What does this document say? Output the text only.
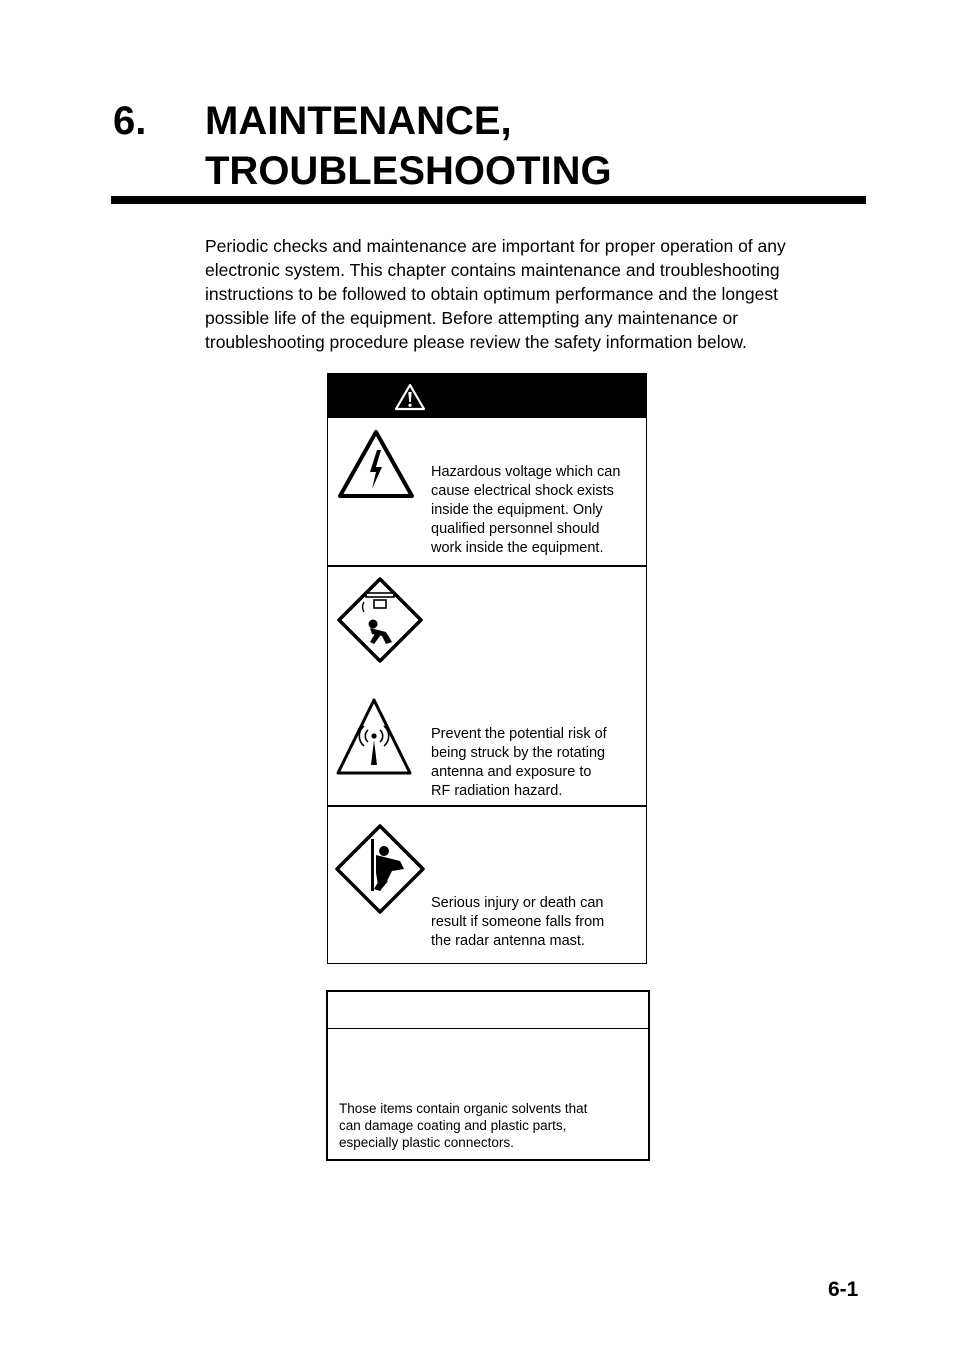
6. MAINTENANCE,
TROUBLESHOOTING

Periodic checks and maintenance are important for proper operation of any electronic system. This chapter contains maintenance and troubleshooting instructions to be followed to obtain optimum performance and the longest possible life of the equipment. Before attempting any maintenance or troubleshooting procedure please review the safety information below.

Hazardous voltage which can
cause electrical shock exists
inside the equipment. Only
qualified personnel should
work inside the equipment.
Prevent the potential risk of
being struck by the rotating
antenna and exposure to
RF radiation hazard.
Serious injury or death can
result if someone falls from
the radar antenna mast.
Those items contain organic solvents that
can damage coating and plastic parts,
especially plastic connectors.
6-1
